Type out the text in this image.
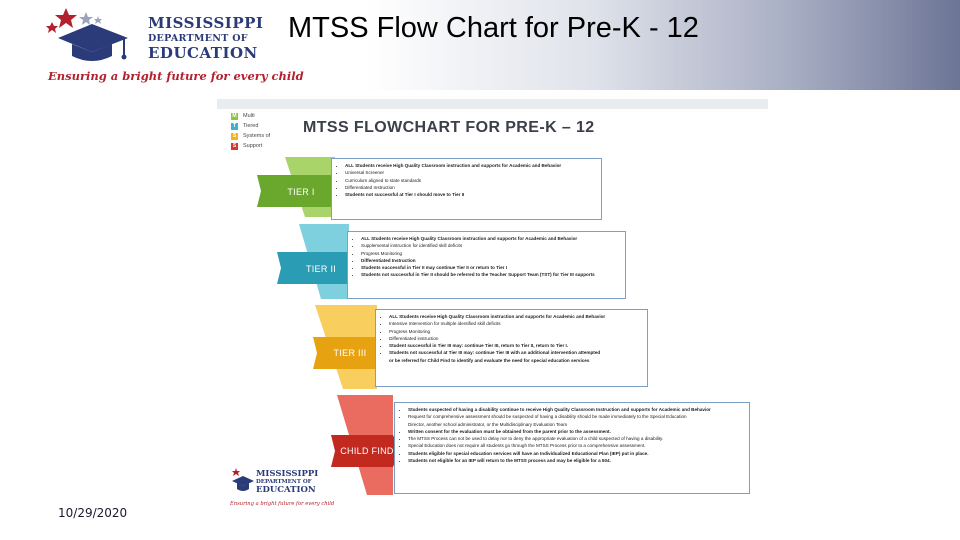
MISSISSIPPI
DEPARTMENT OF
EDUCATION
Ensuring a bright future for every child
MTSS Flow Chart for Pre-K - 12
M Multi
T	Tiered
S	Systems of
S	Support
MTSS FLOWCHART FOR PRE-K – 12
TIER I
TIER II
TIER III
CHILD FIND
• ALL Students receive High Quality Classroom instruction and supports for Academic and Behavior
• Universal Screener
• Curriculum aligned to state standards
• Differentiated Instruction
• Students not successful at Tier I should move to Tier II
• ALL Students receive High Quality Classroom instruction and supports for Academic and Behavior
• Supplemental instruction for identified skill deficits
• Progress Monitoring
• Differentiated Instruction
• Students successful in Tier II may continue Tier II or return to Tier I
• Students not successful in Tier II should be referred to the Teacher Support Team (TST) for Tier III supports
• ALL Students receive High Quality Classroom instruction and supports for Academic and Behavior
• Intensive Intervention for multiple identified skill deficits
• Progress Monitoring
• Differentiated instruction
• Student successful in Tier III may: continue Tier III, return to Tier II, return to Tier I.
• Students not successful at Tier III may: continue Tier III with an additional intervention attempted
or be referred for Child Find to identify and evaluate the need for special education services
• Students suspected of having a disability continue to receive High Quality Classroom Instruction and supports for Academic and Behavior
• Request for comprehensive assessment should be suspected of having a disability should be made immediately to the Special Education
Director, another school administrator, or the Multidisciplinary Evaluation Team
• Written consent for the evaluation must be obtained from the parent prior to the assessment.
• The MTSS Process can not be used to delay nor to deny the appropriate evaluation of a child suspected of having a disability.
• Special Education does not require all students go through the MTSS Process prior to a comprehensive assessment.
• Students eligible for special education services will have an Individualized Educational Plan (IEP) put in place.
• Students not eligible for an IEP will return to the MTSS process and may be eligible for a 504.
MISSISSIPPI
DEPARTMENT OF
EDUCATION
Ensuring a bright future for every child
10/29/2020
